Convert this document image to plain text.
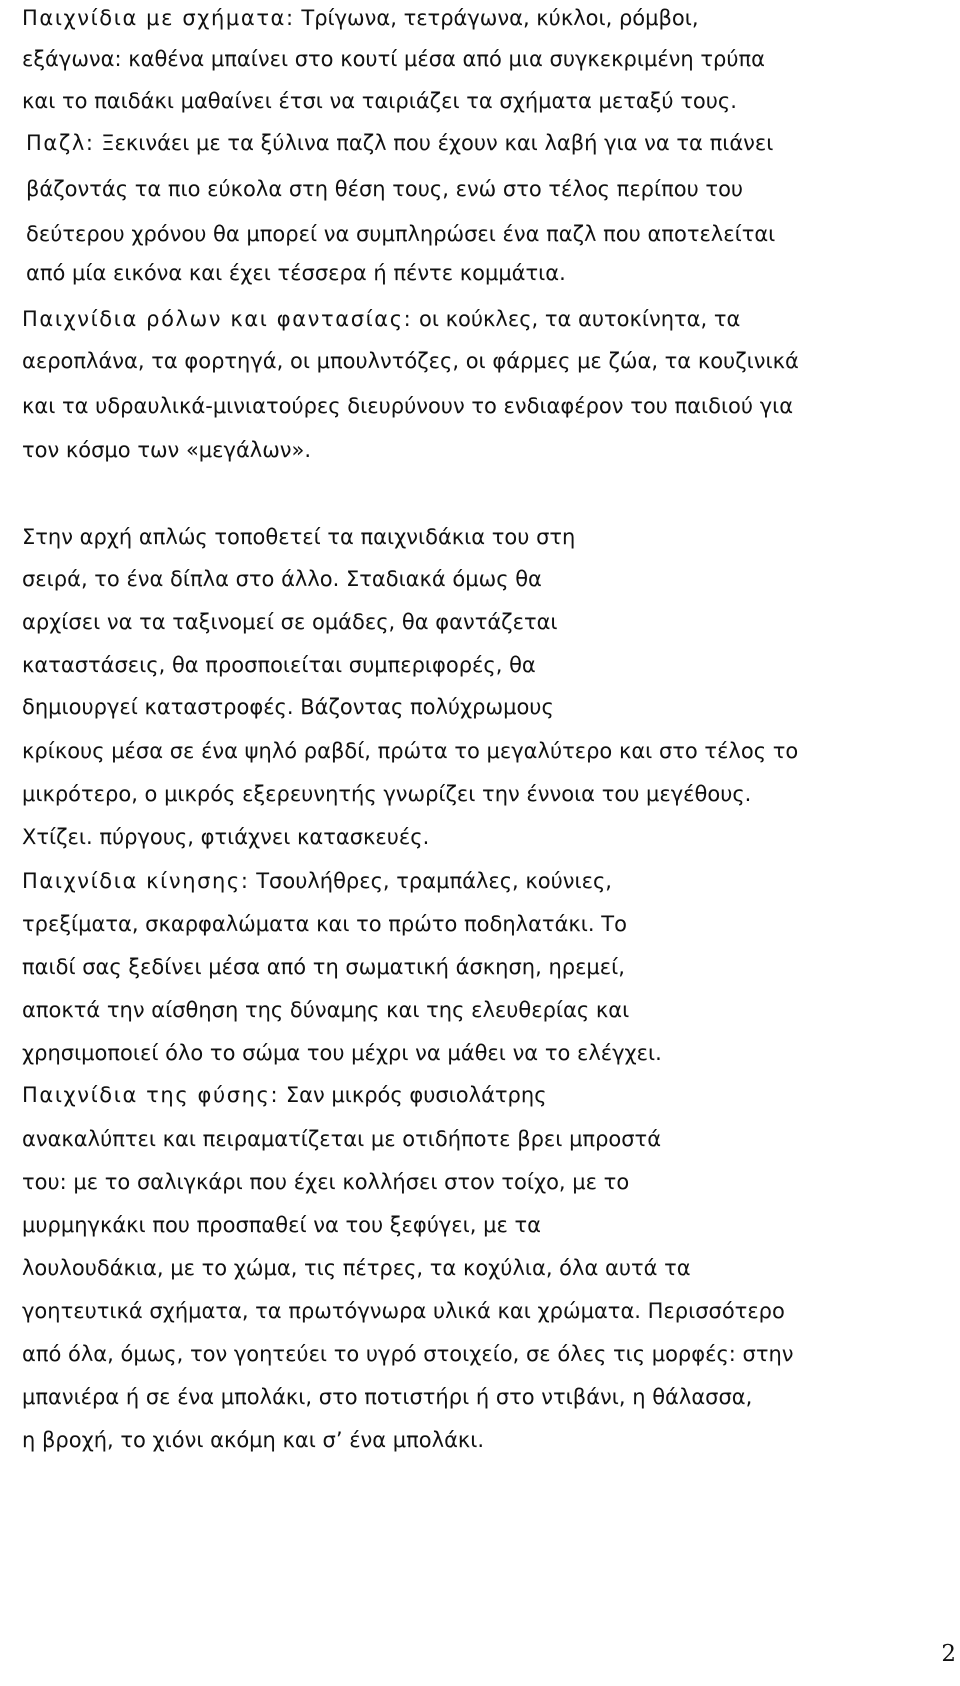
Παιχνίδια με σχήματα: Τρίγωνα, τετράγωνα, κύκλοι, ρόμβοι,
εξάγωνα: καθένα μπαίνει στο κουτί μέσα από μια συγκεκριμένη τρύπα
και το παιδάκι μαθαίνει έτσι να ταιριάζει τα σχήματα μεταξύ τους.
Παζλ: Ξεκινάει με τα ξύλινα παζλ που έχουν και λαβή για να τα πιάνει
βάζοντάς τα πιο εύκολα στη θέση τους, ενώ στο τέλος περίπου του
δεύτερου χρόνου θα μπορεί να συμπληρώσει ένα παζλ που αποτελείται
από μία εικόνα και έχει τέσσερα ή πέντε κομμάτια.
Παιχνίδια ρόλων και φαντασίας: οι κούκλες, τα αυτοκίνητα, τα
αεροπλάνα, τα φορτηγά, οι μπουλντόζες, οι φάρμες με ζώα, τα κουζινικά
και τα υδραυλικά-μινιατούρες διευρύνουν το ενδιαφέρον του παιδιού για
τον κόσμο των «μεγάλων».
Στην αρχή απλώς τοποθετεί τα παιχνιδάκια του στη
σειρά, το ένα δίπλα στο άλλο. Σταδιακά όμως θα
αρχίσει να τα ταξινομεί σε ομάδες, θα φαντάζεται
καταστάσεις, θα προσποιείται συμπεριφορές, θα
δημιουργεί καταστροφές. Βάζοντας πολύχρωμους
κρίκους μέσα σε ένα ψηλό ραβδί, πρώτα το μεγαλύτερο και στο τέλος το
μικρότερο, ο μικρός εξερευνητής γνωρίζει την έννοια του μεγέθους.
Χτίζει. πύργους, φτιάχνει κατασκευές.
Παιχνίδια κίνησης: Τσουλήθρες, τραμπάλες, κούνιες,
τρεξίματα, σκαρφαλώματα και το πρώτο ποδηλατάκι. Το
παιδί σας ξεδίνει μέσα από τη σωματική άσκηση, ηρεμεί,
αποκτά την αίσθηση της δύναμης και της ελευθερίας και
χρησιμοποιεί όλο το σώμα του μέχρι να μάθει να το ελέγχει.
Παιχνίδια της φύσης: Σαν μικρός φυσιολάτρης
ανακαλύπτει και πειραματίζεται με οτιδήποτε βρει μπροστά
του: με το σαλιγκάρι που έχει κολλήσει στον τοίχο, με το
μυρμηγκάκι που προσπαθεί να του ξεφύγει, με τα
λουλουδάκια, με το χώμα, τις πέτρες, τα κοχύλια, όλα αυτά τα
γοητευτικά σχήματα, τα πρωτόγνωρα υλικά και χρώματα. Περισσότερο
από όλα, όμως, τον γοητεύει το υγρό στοιχείο, σε όλες τις μορφές: στην
μπανιέρα ή σε ένα μπολάκι, στο ποτιστήρι ή στο ντιβάνι, η θάλασσα,
η βροχή, το χιόνι ακόμη και σ’ ένα μπολάκι.
2
